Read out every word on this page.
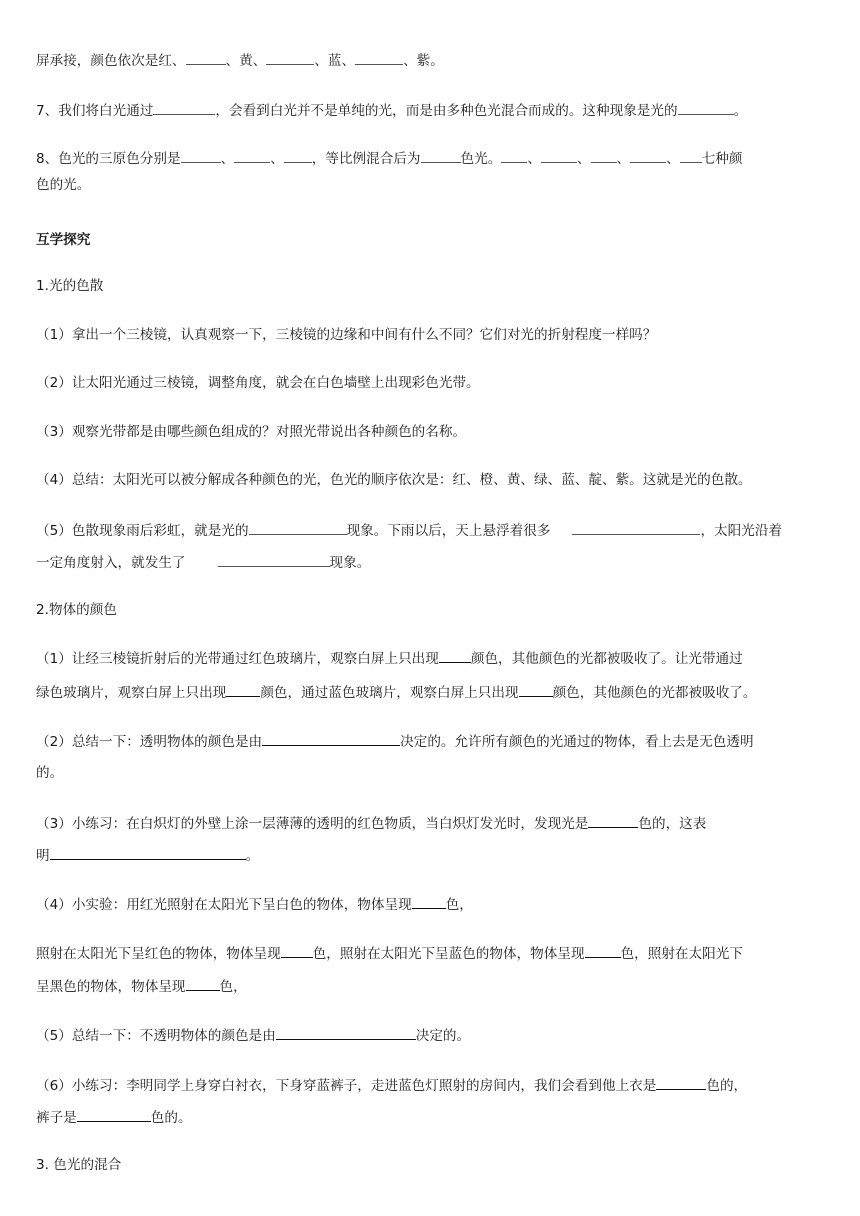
屏承接，颜色依次是红、	、黄、	、蓝、	、紫。
7、我们将白光通过	，会看到白光并不是单纯的光，而是由多种色光混合而成的。这种现象是光的	。
8、色光的三原色分别是	、	、 ，等比例混合后为	色光。 、	、 、	、 七种颜
色的光。
互学探究
1.光的色散
（1）拿出一个三棱镜，认真观察一下，三棱镜的边缘和中间有什么不同？它们对光的折射程度一样吗？
（2）让太阳光通过三棱镜，调整角度，就会在白色墙壁上出现彩色光带。
（3）观察光带都是由哪些颜色组成的？对照光带说出各种颜色的名称。
（4）总结：太阳光可以被分解成各种颜色的光，色光的顺序依次是：红、橙、黄、绿、蓝、靛、紫。这就是光的色散。
（5）色散现象雨后彩虹，就是光的	现象。下雨以后，天上悬浮着很多	，太阳光沿着
一定角度射入，就发生了	现象。
2.物体的颜色
（1）让经三棱镜折射后的光带通过红色玻璃片，观察白屏上只出现 颜色，其他颜色的光都被吸收了。让光带通过
绿色玻璃片，观察白屏上只出现	颜色，通过蓝色玻璃片，观察白屏上只出现	颜色，其他颜色的光都被吸收了。
（2）总结一下：透明物体的颜色是由	决定的。允许所有颜色的光通过的物体，看上去是无色透明
的。
（3）小练习：在白炽灯的外壁上涂一层薄薄的透明的红色物质，当白炽灯发光时，发现光是	色的，这表
明	。
（4）小实验：用红光照射在太阳光下呈白色的物体，物体呈现	色，
照射在太阳光下呈红色的物体，物体呈现 色，照射在太阳光下呈蓝色的物体，物体呈现	色，照射在太阳光下
呈黑色的物体，物体呈现	色，
（5）总结一下：不透明物体的颜色是由	决定的。
（6）小练习：李明同学上身穿白衬衣，下身穿蓝裤子，走进蓝色灯照射的房间内，我们会看到他上衣是	色的，
裤子是	色的。
3. 色光的混合
